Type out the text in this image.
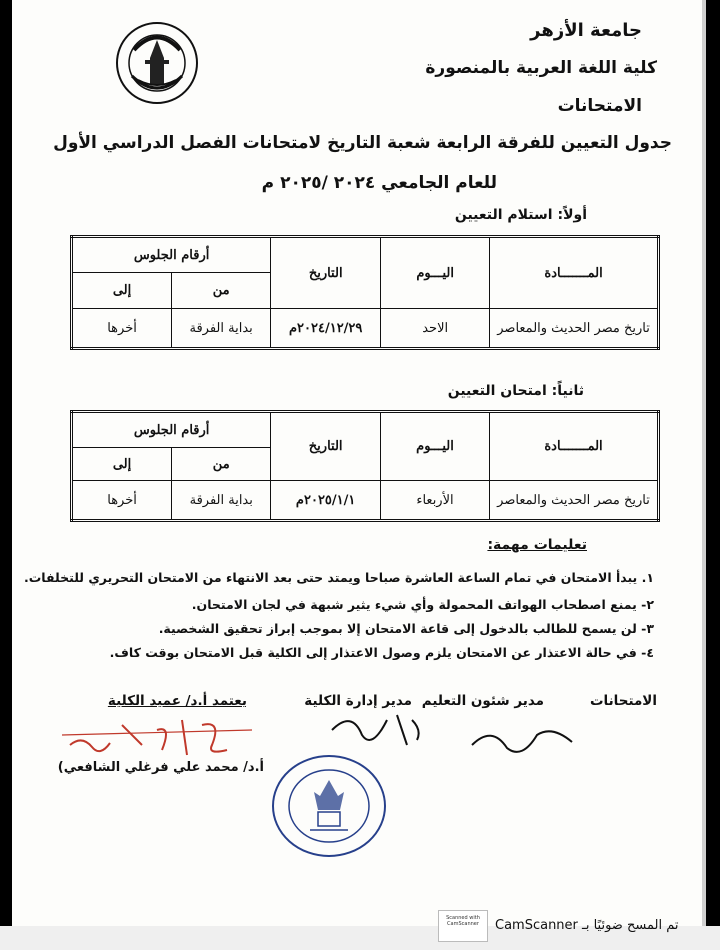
جامعة الأزهر
كلية اللغة العربية بالمنصورة
الامتحانات
جدول التعيين للفرقة الرابعة شعبة التاريخ لامتحانات الفصل الدراسي الأول
للعام الجامعي ٢٠٢٤ /٢٠٢٥ م
أولاً: استلام التعيين
المـــــــادة	اليـــوم	التاريخ	أرقام الجلوس	
			من	إلى
تاريخ مصر الحديث والمعاصر	الاحد	٢٠٢٤/١٢/٢٩م	بداية الفرقة	أخرها
ثانياً: امتحان التعيين
المـــــــادة	اليـــوم	التاريخ	أرقام الجلوس	
			من	إلى
تاريخ مصر الحديث والمعاصر	الأربعاء	٢٠٢٥/١/١م	بداية الفرقة	أخرها
تعليمات مهمة:
١. يبدأ الامتحان في تمام الساعة العاشرة صباحا ويمتد حتى بعد الانتهاء من الامتحان التحريري للتخلفات.
٢- يمنع اصطحاب الهواتف المحمولة وأي شيء يثير شبهة في لجان الامتحان.
٣- لن يسمح للطالب بالدخول إلى قاعة الامتحان إلا بموجب إبراز تحقيق الشخصية.
٤- في حالة الاعتذار عن الامتحان يلزم وصول الاعتذار إلى الكلية قبل الامتحان بوقت كاف.
الامتحانات
مدير شئون التعليم
مدير إدارة الكلية
يعتمد أ.د/ عميد الكلية
أ.د/ محمد علي فرغلي الشافعي)
Scanned with CamScanner	CamScanner تم المسح ضوئيًا بـ
